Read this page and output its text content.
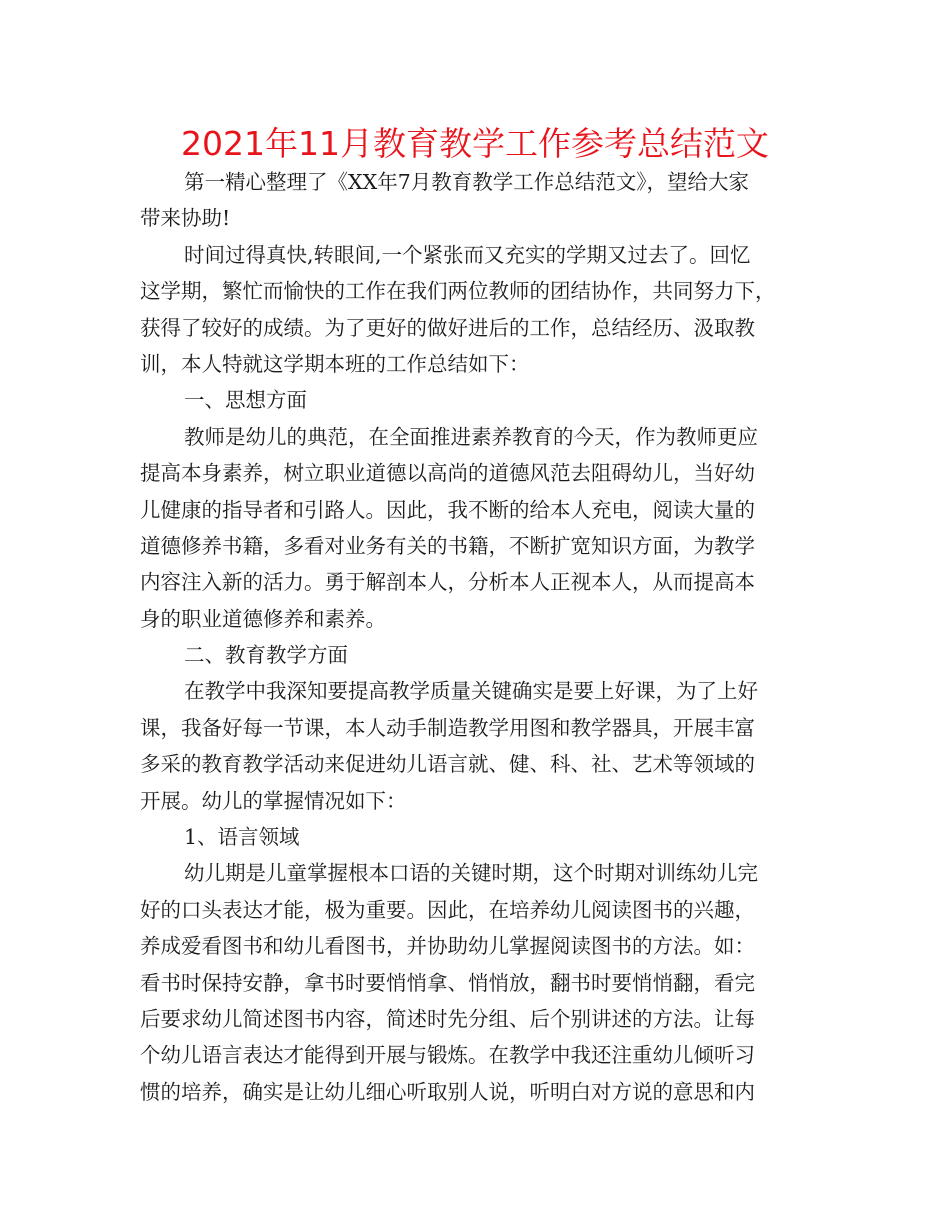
2021年11月教育教学工作参考总结范文
第一精心整理了《XX年7月教育教学工作总结范文》，望给大家
带来协助!
时间过得真快,转眼间,一个紧张而又充实的学期又过去了。回忆
这学期，繁忙而愉快的工作在我们两位教师的团结协作，共同努力下，
获得了较好的成绩。为了更好的做好进后的工作，总结经历、汲取教
训，本人特就这学期本班的工作总结如下：
一、思想方面
教师是幼儿的典范，在全面推进素养教育的今天，作为教师更应
提高本身素养，树立职业道德以高尚的道德风范去阻碍幼儿，当好幼
儿健康的指导者和引路人。因此，我不断的给本人充电，阅读大量的
道德修养书籍，多看对业务有关的书籍，不断扩宽知识方面，为教学
内容注入新的活力。勇于解剖本人，分析本人正视本人，从而提高本
身的职业道德修养和素养。
二、教育教学方面
在教学中我深知要提高教学质量关键确实是要上好课，为了上好
课，我备好每一节课，本人动手制造教学用图和教学器具，开展丰富
多采的教育教学活动来促进幼儿语言就、健、科、社、艺术等领域的
开展。幼儿的掌握情况如下：
1、语言领域
幼儿期是儿童掌握根本口语的关键时期，这个时期对训练幼儿完
好的口头表达才能，极为重要。因此，在培养幼儿阅读图书的兴趣，
养成爱看图书和幼儿看图书，并协助幼儿掌握阅读图书的方法。如：
看书时保持安静，拿书时要悄悄拿、悄悄放，翻书时要悄悄翻，看完
后要求幼儿简述图书内容，简述时先分组、后个别讲述的方法。让每
个幼儿语言表达才能得到开展与锻炼。在教学中我还注重幼儿倾听习
惯的培养，确实是让幼儿细心听取别人说，听明白对方说的意思和内
